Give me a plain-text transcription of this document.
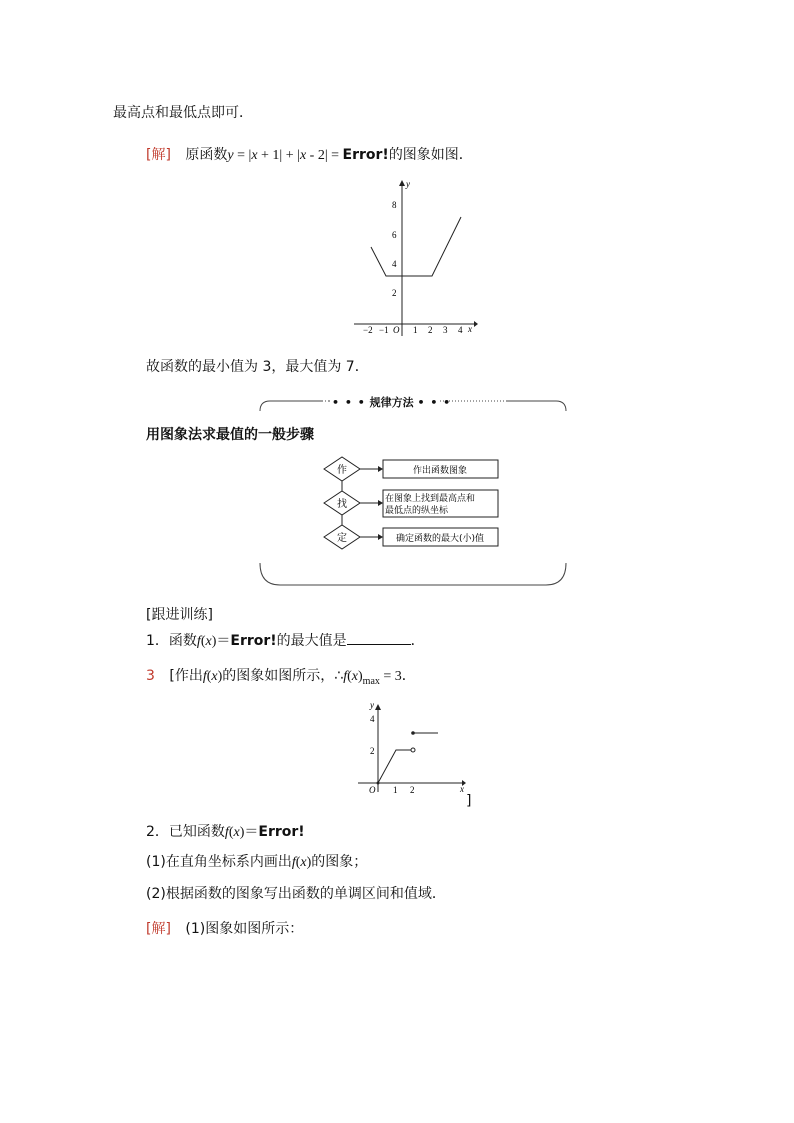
最高点和最低点即可．
[解] 原函数y = |x + 1| + |x - 2| = Error!的图象如图．
y
x
O
2
4
6
8
−2 −1	1 2 3 4
故函数的最小值为 3，最大值为 7．
• • • 规律方法 • • •
用图象法求最值的一般步骤
作
找
定
作出函数图象
在图象上找到最高点和
最低点的纵坐标
确定函数的最大(小)值
[跟进训练]
1．函数f(x)＝Error!的最大值是	．
3 [作出f(x)的图象如图所示，$\therefore f(x)_{max} = 3$．
y
x
O
2
4
1 2
]
2．已知函数f(x)＝Error!
(1)在直角坐标系内画出f(x)的图象；
(2)根据函数的图象写出函数的单调区间和值域．
[解] (1)图象如图所示：
